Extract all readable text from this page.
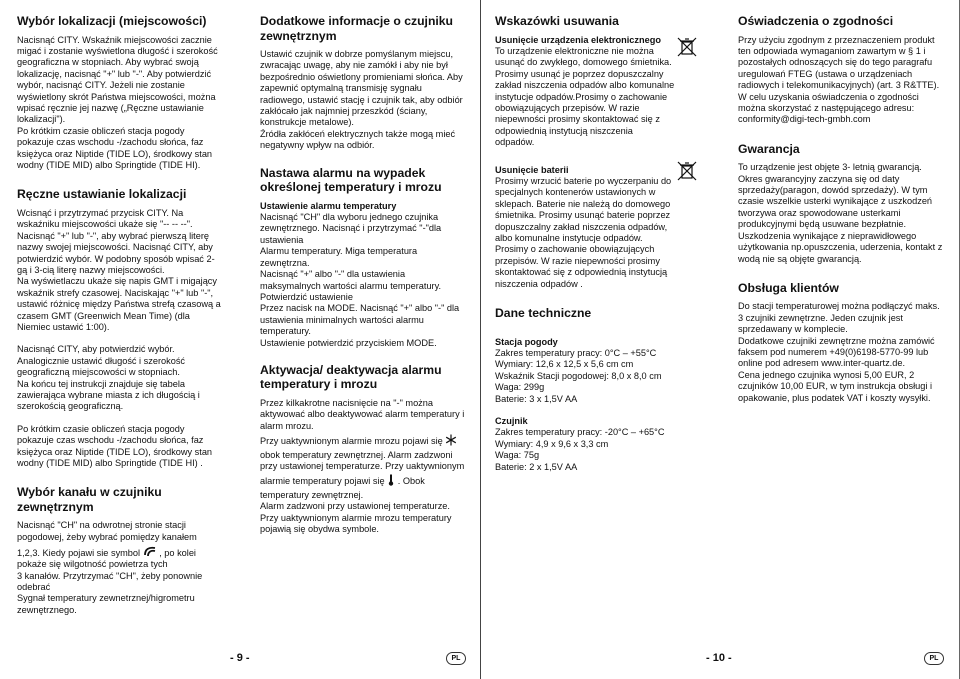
Wybór lokalizacji (miejscowości)

Nacisnąć CITY. Wskaźnik miejscowości zacznie
migać i zostanie wyświetlona długość i szerokość
geograficzna w stopniach. Aby wybrać swoją
lokalizację, nacisnąć "+" lub "-". Aby potwierdzić
wybór, nacisnąć CITY. Jeżeli nie zostanie
wyświetlony skrót Państwa miejscowości, można
wpisać ręcznie jej nazwę („Ręczne ustawianie
lokalizacji").
Po krótkim czasie obliczeń stacja pogody
pokazuje czas wschodu -/zachodu słońca, faz
księżyca oraz Niptide (TIDE LO), środkowy stan
wodny (TIDE MID) albo Springtide (TIDE HI).

Ręczne ustawianie lokalizacji

Wcisnąć i przytrzymać przycisk CITY. Na
wskaźniku miejscowości ukaże się "-- -- --".
Nacisnąć "+" lub "-", aby wybrać pierwszą literę
nazwy swojej miejscowości. Nacisnąć CITY, aby
potwierdzić wybór. W podobny sposób wpisać 2-
gą i 3-cią literę nazwy miejscowości.
Na wyświetlaczu ukaże się napis GMT i migający
wskaźnik strefy czasowej. Naciskając "+" lub "-",
ustawić różnicę między Państwa strefą czasową a
czasem GMT (Greenwich Mean Time) (dla
Niemiec ustawić 1:00).

Nacisnąć CITY, aby potwierdzić wybór.
Analogicznie ustawić długość i szerokość
geograficzną miejscowości w stopniach.
Na końcu tej instrukcji znajduje się tabela
zawierająca wybrane miasta z ich długością i
szerokością geograficzną.

Po krótkim czasie obliczeń stacja pogody
pokazuje czas wschodu -/zachodu słońca, faz
księżyca oraz Niptide (TIDE LO), środkowy stan
wodny (TIDE MID) albo Springtide (TIDE HI) .

Wybór kanału w czujniku
zewnętrznym

Nacisnąć "CH" na odwrotnej stronie stacji
pogodowej, żeby wybrać pomiędzy kanałem

1,2,3. Kiedy pojawi sie symbol , po kolei

pokaże się wilgotność powietrza tych
3 kanałów. Przytrzymać "CH", żeby ponownie
odebrać
Sygnał temperatury zewnetrznej/higrometru
zewnętrznego.

Dodatkowe informacje o czujniku
zewnętrznym

Ustawić czujnik w dobrze pomyślanym miejscu,
zwracając uwagę, aby nie zamókł i aby nie był
bezpośrednio oświetlony promieniami słońca. Aby
zapewnić optymalną transmisję sygnału
radiowego, ustawić stację i czujnik tak, aby odbiór
zakłócało jak najmniej przeszkód (ściany,
konstrukcje metalowe).
Źródła zakłóceń elektrycznych także mogą mieć
negatywny wpływ na odbiór.

Nastawa alarmu na wypadek
określonej temperatury i mrozu
Ustawienie alarmu temperatury

Nacisnąć "CH" dla wyboru jednego czujnika
zewnętrznego. Nacisnąć i przytrzymać "-"dla
ustawienia
Alarmu temperatury. Miga temperatura
zewnętrzna.
Nacisnąć "+" albo "-" dla ustawienia
maksymalnych wartości alarmu temperatury.
Potwierdzić ustawienie
Przez nacisk na MODE. Nacisnąć "+" albo "-" dla
ustawienia minimalnych wartości alarmu
temperatury.
Ustawienie potwierdzić przyciskiem MODE.

Aktywacja/ deaktywacja alarmu
temperatury i mrozu

Przez kilkakrotne nacisnięcie na "-" można
aktywować albo deaktywować alarm temperatury i
alarm mrozu.

Przy uaktywnionym alarmie mrozu pojawi się

obok temperatury zewnętrznej. Alarm zadzwoni
przy ustawionej temperaturze. Przy uaktywnionym

alarmie temperatury pojawi się . Obok

temperatury zewnętrznej.
Alarm zadzwoni przy ustawionej temperaturze.
Przy uaktywnionym alarmie mrozu temperatury
pojawią się obydwa symbole.

Wskazówki usuwania
Usunięcie urządzenia elektronicznego

To urządzenie elektroniczne nie można
usunąć do zwykłego, domowego śmietnika.
Prosimy usunąć je poprzez dopuszczalny
zakład niszczenia odpadów albo komunalne
instytucje odpadów.Prosimy o zachowanie
obowiązujących przepisów. W razie
niepewności prosimy skontaktować się z
odpowiednią instytucją niszczenia
odpadów.

Usunięcie baterii

Prosimy wrzucić baterie po wyczerpaniu do
specjalnych kontenerów ustawionych w
sklepach. Baterie nie należą do domowego
śmietnika. Prosimy usunąć baterie poprzez
dopuszczalny zakład niszczenia odpadów,
albo komunalne instytucje odpadów.
Prosimy o zachowanie obowiązujących
przepisów. W razie niepewności prosimy
skontaktować się z odpowiednią instytucją
niszczenia odpadów .

Dane techniczne
Stacja pogody

Zakres temperatury pracy: 0°C – +55°C
Wymiary: 12,6 x 12,5 x 5,6 cm cm
Wskaźnik Stacji pogodowej: 8,0 x 8,0 cm
Waga: 299g
Baterie: 3 x 1,5V AA

Czujnik

Zakres temperatury pracy: -20°C – +65°C
Wymiary: 4,9 x 9,6 x 3,3 cm
Waga: 75g
Baterie: 2 x 1,5V AA

Oświadczenia o zgodności

Przy użyciu zgodnym z przeznaczeniem produkt
ten odpowiada wymaganiom zawartym w § 1 i
pozostałych odnoszących się do tego paragrafu
uregulowań FTEG (ustawa o urządzeniach
radiowych i telekomunikacyjnych) (art. 3 R&TTE).
W celu uzyskania oświadczenia o zgodności
można skorzystać z następującego adresu:
conformity@digi-tech-gmbh.com

Gwarancja

To urządzenie jest objęte 3- letnią gwarancją.
Okres gwarancyjny zaczyna się od daty
sprzedaży(paragon, dowód sprzedaży). W tym
czasie wszelkie usterki wynikające z uszkodzeń
tworzywa oraz spowodowane usterkami
produkcyjnymi będą usuwane bezpłatnie.
Uszkodzenia wynikające z nieprawidłowego
użytkowania np.opuszczenia, uderzenia, kontakt z
wodą nie są objęte gwarancją.

Obsługa klientów

Do stacji temperaturowej można podłączyć maks.
3 czujniki zewnętrzne. Jeden czujnik jest
sprzedawany w komplecie.
Dodatkowe czujniki zewnętrzne można zamówić
faksem pod numerem +49(0)6198-5770-99 lub
online pod adresem www.inter-quartz.de.
Cena jednego czujnika wynosi 5,00 EUR, 2
czujników 10,00 EUR, w tym instrukcja obsługi i
opakowanie, plus podatek VAT i koszty wysyłki.

- 9 -	PL	- 10 -	PL
